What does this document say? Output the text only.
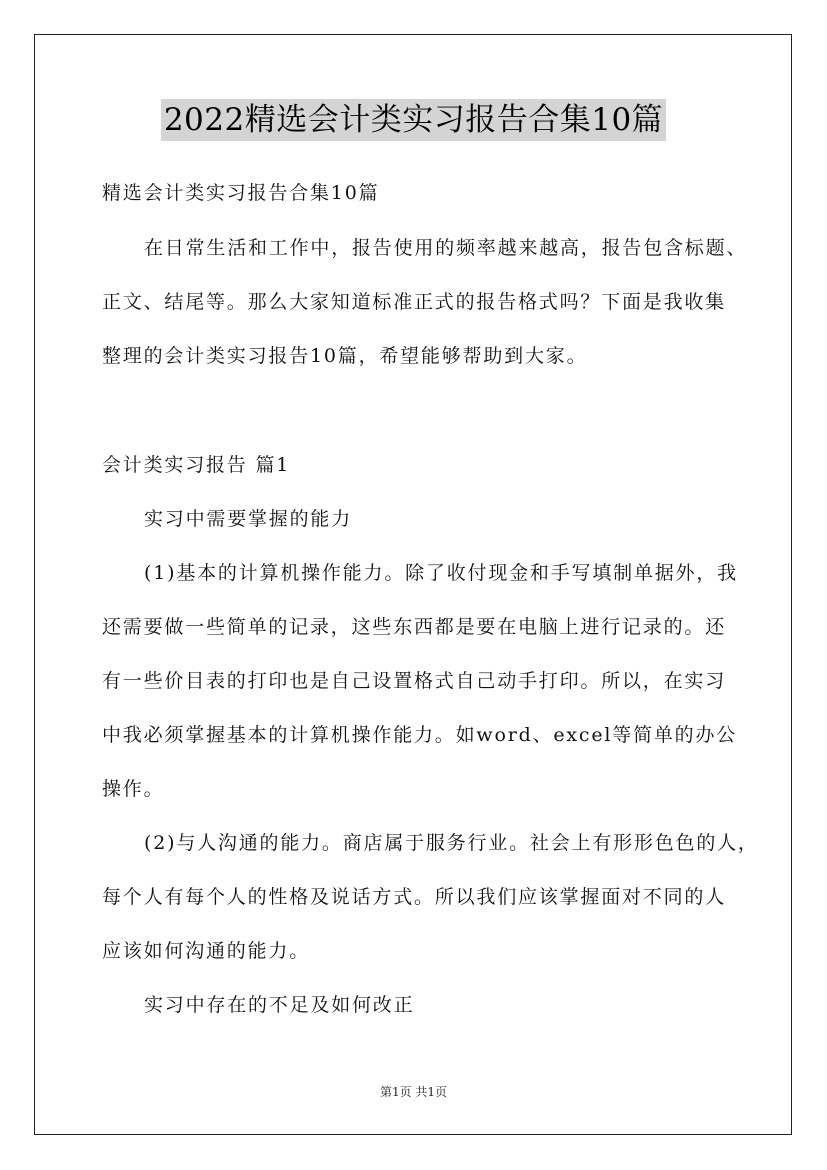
2022精选会计类实习报告合集10篇
精选会计类实习报告合集10篇
在日常生活和工作中，报告使用的频率越来越高，报告包含标题、
正文、结尾等。那么大家知道标准正式的报告格式吗？下面是我收集
整理的会计类实习报告10篇，希望能够帮助到大家。
会计类实习报告 篇1
实习中需要掌握的能力
(1)基本的计算机操作能力。除了收付现金和手写填制单据外，我
还需要做一些简单的记录，这些东西都是要在电脑上进行记录的。还
有一些价目表的打印也是自己设置格式自己动手打印。所以，在实习
中我必须掌握基本的计算机操作能力。如word、excel等简单的办公
操作。
(2)与人沟通的能力。商店属于服务行业。社会上有形形色色的人，
每个人有每个人的性格及说话方式。所以我们应该掌握面对不同的人
应该如何沟通的能力。
实习中存在的不足及如何改正
第1页 共1页
